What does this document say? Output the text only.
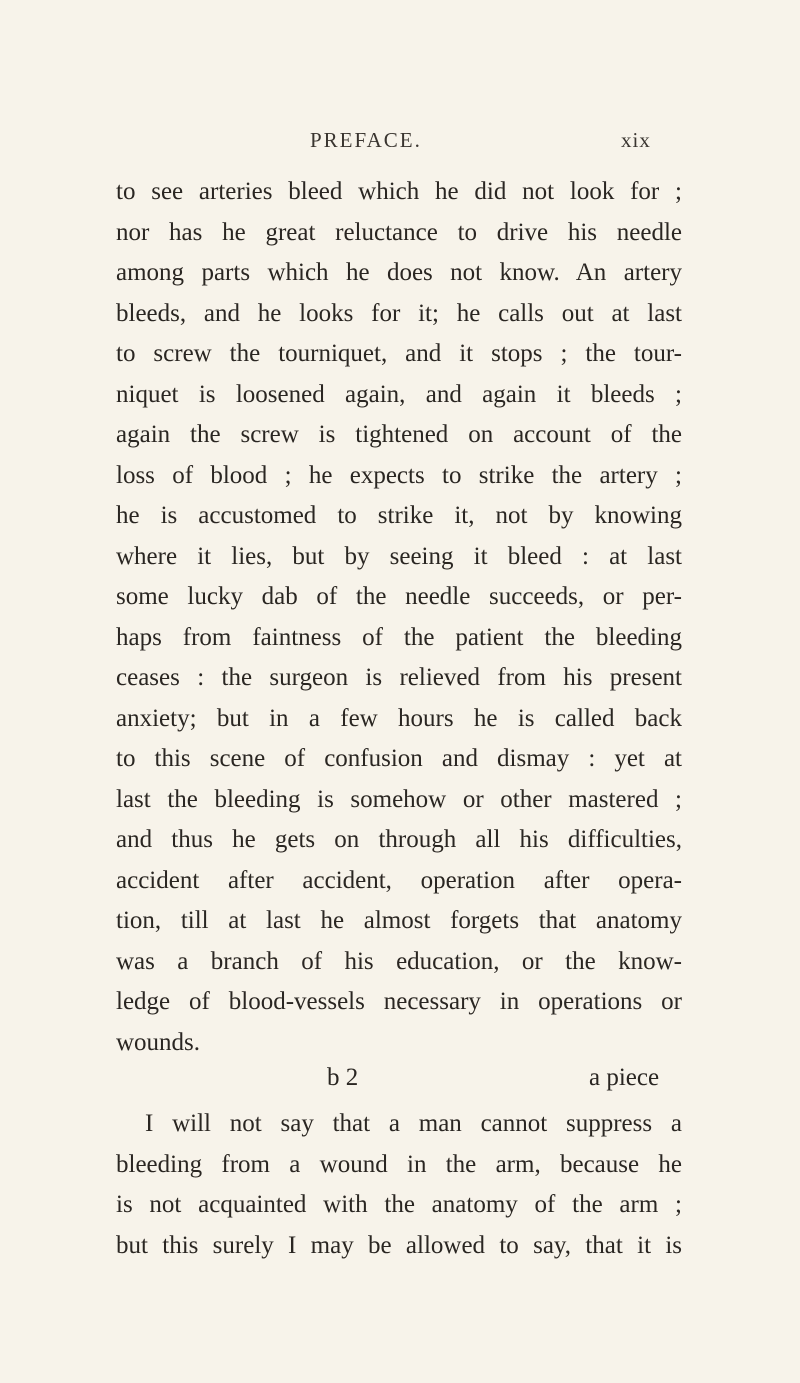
PREFACE.	xix
to see arteries bleed which he did not look for ;
nor has he great reluctance to drive his needle
among parts which he does not know. An artery
bleeds, and he looks for it; he calls out at last
to screw the tourniquet, and it stops ; the tour-
niquet is loosened again, and again it bleeds ;
again the screw is tightened on account of the
loss of blood ; he expects to strike the artery ;
he is accustomed to strike it, not by knowing
where it lies, but by seeing it bleed : at last
some lucky dab of the needle succeeds, or per-
haps from faintness of the patient the bleeding
ceases : the surgeon is relieved from his present
anxiety; but in a few hours he is called back
to this scene of confusion and dismay : yet at
last the bleeding is somehow or other mastered ;
and thus he gets on through all his difficulties,
accident after accident, operation after opera-
tion, till at last he almost forgets that anatomy
was a branch of his education, or the know-
ledge of blood-vessels necessary in operations or
wounds.
I will not say that a man cannot suppress a
bleeding from a wound in the arm, because he
is not acquainted with the anatomy of the arm ;
but this surely I may be allowed to say, that it is
b 2	a piece
